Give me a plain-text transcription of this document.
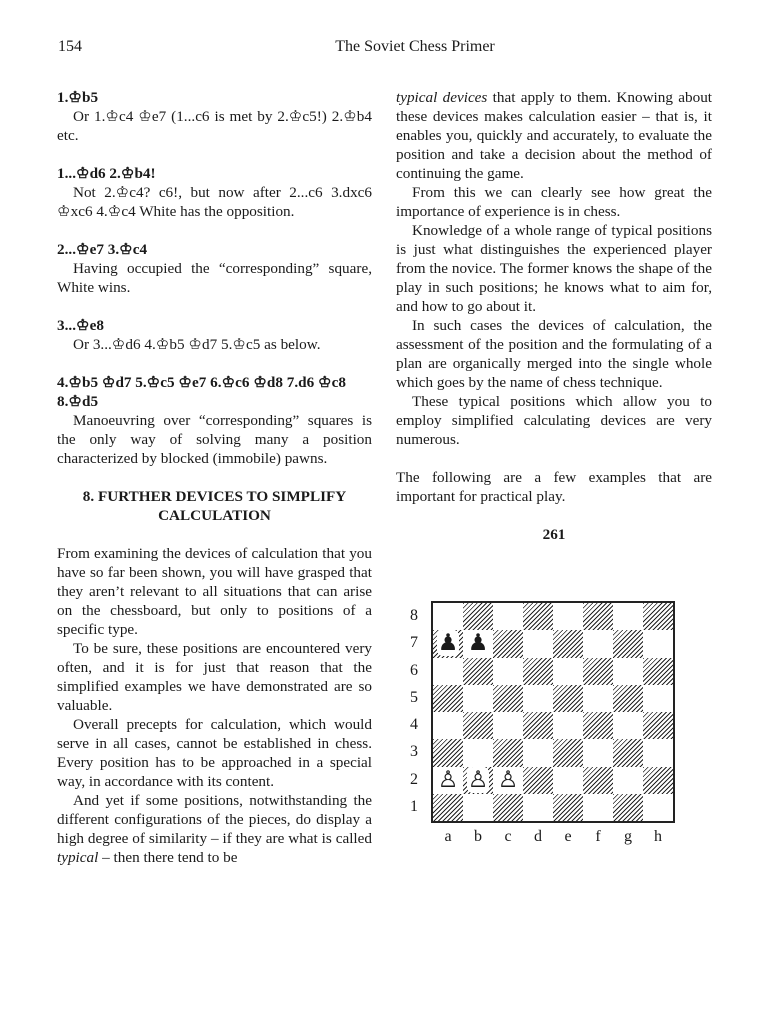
154	The Soviet Chess Primer

1.♔b5

Or 1.♔c4 ♔e7 (1...c6 is met by 2.♔c5!) 2.♔b4 etc.

1...♔d6 2.♔b4!

Not 2.♔c4? c6!, but now after 2...c6 3.dxc6 ♔xc6 4.♔c4 White has the opposition.

2...♔e7 3.♔c4

Having occupied the “corresponding” square, White wins.

3...♔e8

Or 3...♔d6 4.♔b5 ♔d7 5.♔c5 as below.

4.♔b5 ♔d7 5.♔c5 ♔e7 6.♔c6 ♔d8 7.d6 ♔c8 8.♔d5

Manoeuvring over “corresponding” squares is the only way of solving many a position characterized by blocked (immobile) pawns.

8. FURTHER DEVICES TO SIMPLIFY CALCULATION

From examining the devices of calculation that you have so far been shown, you will have grasped that they aren’t relevant to all situations that can arise on the chessboard, but only to positions of a specific type.

To be sure, these positions are encountered very often, and it is for just that reason that the simplified examples we have demonstrated are so valuable.

Overall precepts for calculation, which would serve in all cases, cannot be established in chess. Every position has to be approached in a special way, in accordance with its content.

And yet if some positions, notwithstanding the different configurations of the pieces, do display a high degree of similarity – if they are what is called typical – then there tend to be

typical devices that apply to them. Knowing about these devices makes calculation easier – that is, it enables you, quickly and accurately, to evaluate the position and take a decision about the method of continuing the game.

From this we can clearly see how great the importance of experience is in chess.

Knowledge of a whole range of typical positions is just what distinguishes the experienced player from the novice. The former knows the shape of the play in such positions; he knows what to aim for, and how to go about it.

In such cases the devices of calculation, the assessment of the position and the formulating of a plan are organically merged into the single whole which goes by the name of chess technique.

These typical positions which allow you to employ simplified calculating devices are very numerous.

The following are a few examples that are important for practical play.

261

8
7
6
5
4
3
2
1
♟ ♟
♙ ♙ ♙
a	b	c	d	e	f	g	h
